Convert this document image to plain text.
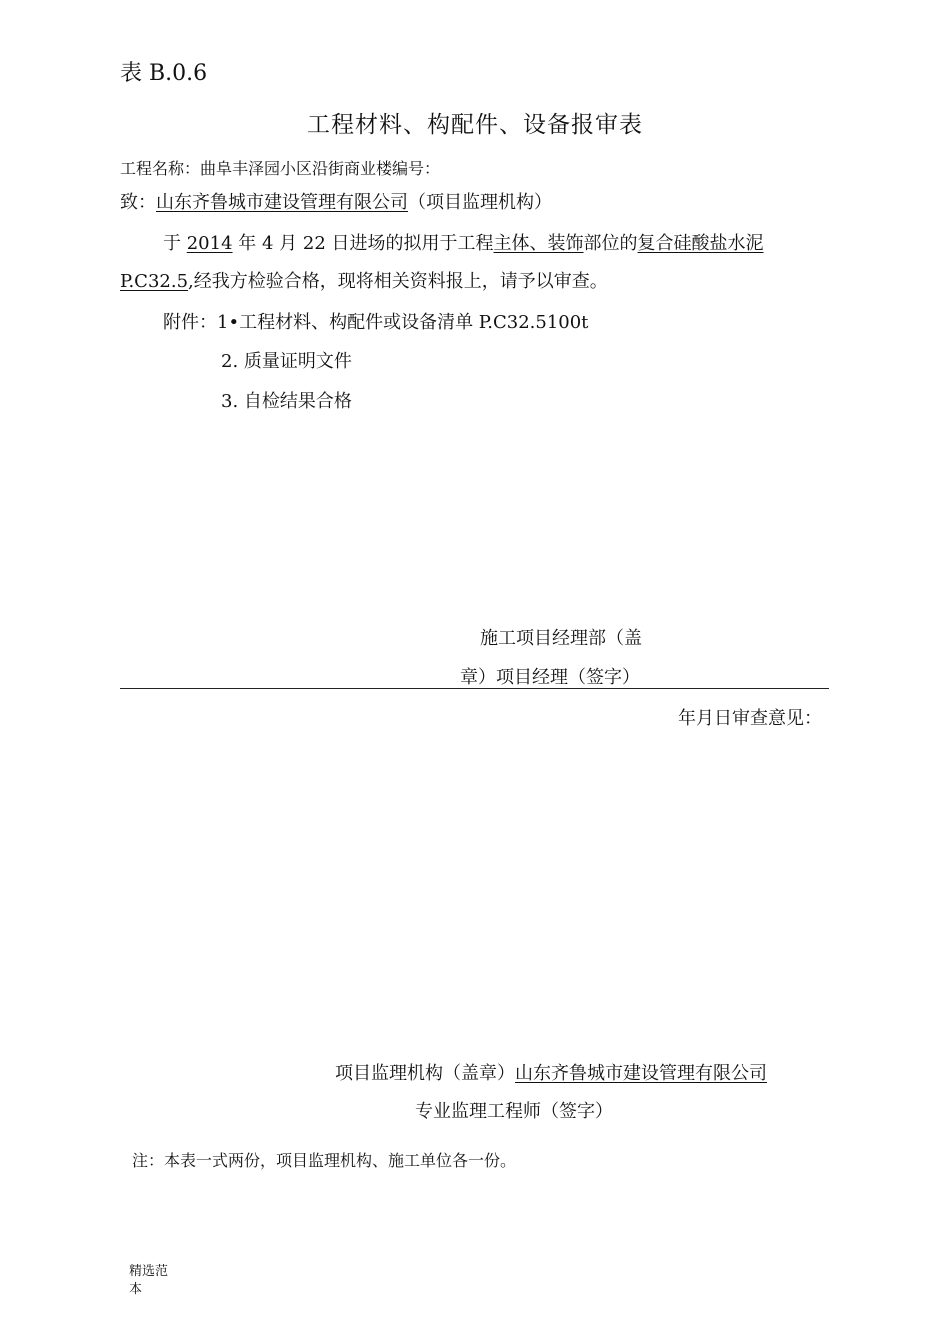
表 B.0.6
工程材料、构配件、设备报审表
工程名称：曲阜丰泽园小区沿街商业楼编号：
致：山东齐鲁城市建设管理有限公司（项目监理机构）
于 2014 年 4 月 22 日进场的拟用于工程主体、装饰部位的复合硅酸盐水泥
P.C32.5,经我方检验合格，现将相关资料报上，请予以审查。
附件：1•工程材料、构配件或设备清单 P.C32.5100t
2. 质量证明文件
3. 自检结果合格
施工项目经理部（盖
章）项目经理（签字）
年月日审查意见：
项目监理机构（盖章）山东齐鲁城市建设管理有限公司
专业监理工程师（签字）
注：本表一式两份，项目监理机构、施工单位各一份。
精选范本
